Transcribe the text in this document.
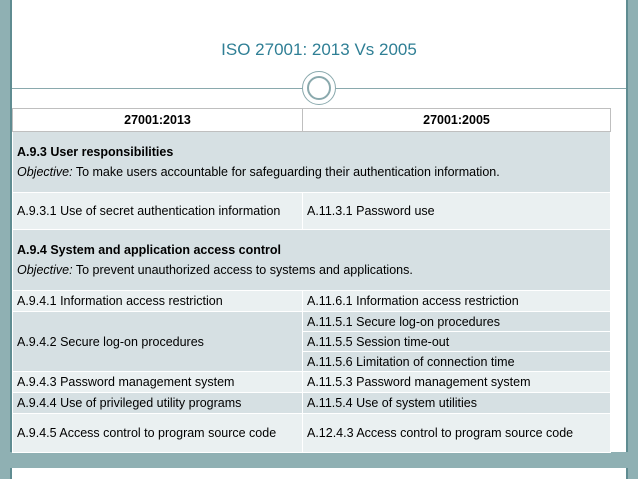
ISO 27001: 2013 Vs 2005
27001:2013	27001:2005

A.9.3 User responsibilities
Objective: To make users accountable for safeguarding their authentication information.	

A.9.3.1 Use of secret authentication information	A.11.3.1 Password use

A.9.4 System and application access control
Objective: To prevent unauthorized access to systems and applications.	

A.9.4.1 Information access restriction	A.11.6.1 Information access restriction
A.9.4.2 Secure log-on procedures	A.11.5.1 Secure log-on procedures
	A.11.5.5 Session time-out
	A.11.5.6 Limitation of connection time
A.9.4.3 Password management system	A.11.5.3 Password management system
A.9.4.4 Use of privileged utility programs	A.11.5.4 Use of system utilities
A.9.4.5 Access control to program source code	A.12.4.3 Access control to program source code
